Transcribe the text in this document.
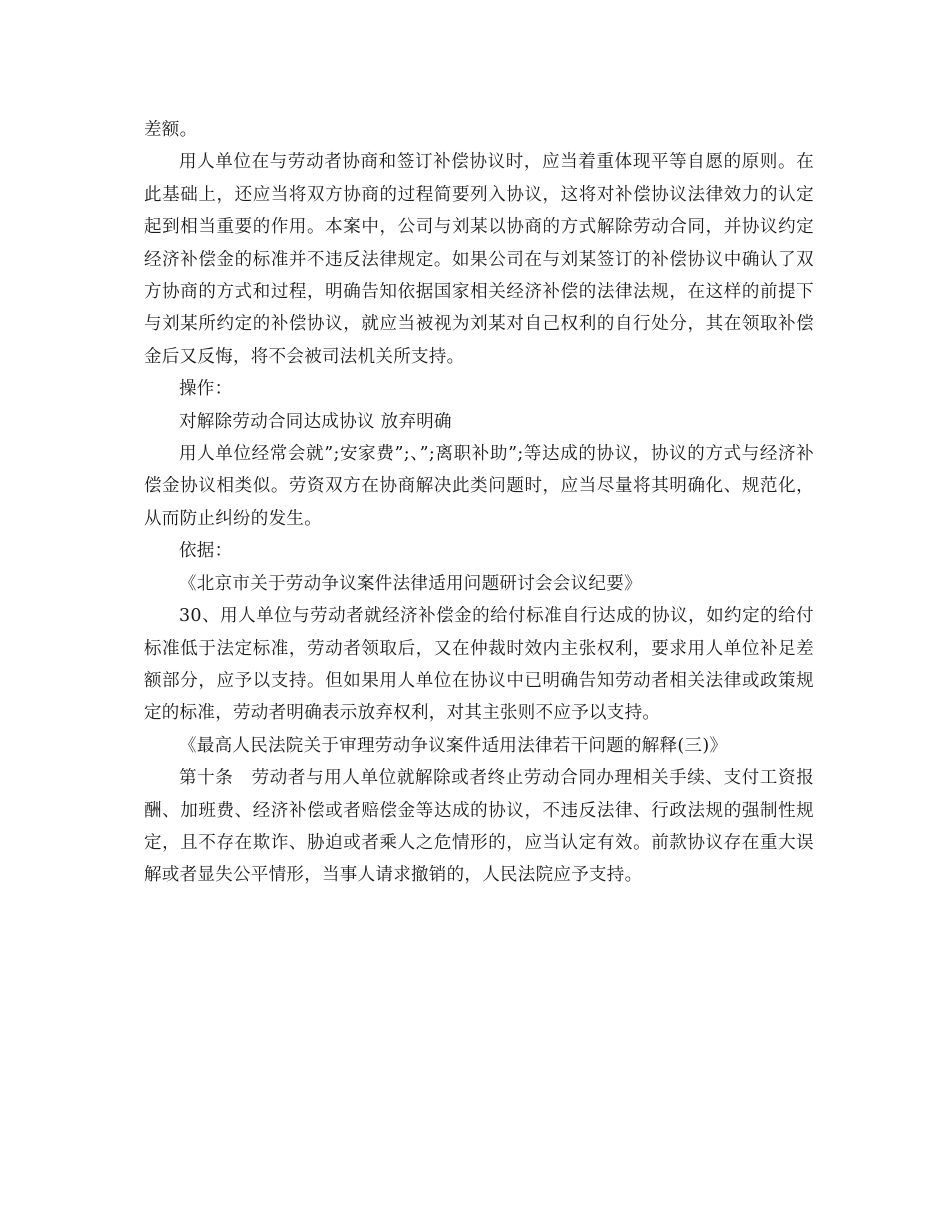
差额。

用人单位在与劳动者协商和签订补偿协议时，应当着重体现平等自愿的原则。在此基础上，还应当将双方协商的过程简要列入协议，这将对补偿协议法律效力的认定起到相当重要的作用。本案中，公司与刘某以协商的方式解除劳动合同，并协议约定经济补偿金的标准并不违反法律规定。如果公司在与刘某签订的补偿协议中确认了双方协商的方式和过程，明确告知依据国家相关经济补偿的法律法规，在这样的前提下与刘某所约定的补偿协议，就应当被视为刘某对自己权利的自行处分，其在领取补偿金后又反悔，将不会被司法机关所支持。

操作：

对解除劳动合同达成协议 放弃明确

用人单位经常会就”;安家费”;、”;离职补助”;等达成的协议，协议的方式与经济补偿金协议相类似。劳资双方在协商解决此类问题时，应当尽量将其明确化、规范化，从而防止纠纷的发生。

依据：

《北京市关于劳动争议案件法律适用问题研讨会会议纪要》

30、用人单位与劳动者就经济补偿金的给付标准自行达成的协议，如约定的给付标准低于法定标准，劳动者领取后，又在仲裁时效内主张权利，要求用人单位补足差额部分，应予以支持。但如果用人单位在协议中已明确告知劳动者相关法律或政策规定的标准，劳动者明确表示放弃权利，对其主张则不应予以支持。

《最高人民法院关于审理劳动争议案件适用法律若干问题的解释(三)》

第十条　劳动者与用人单位就解除或者终止劳动合同办理相关手续、支付工资报酬、加班费、经济补偿或者赔偿金等达成的协议，不违反法律、行政法规的强制性规定，且不存在欺诈、胁迫或者乘人之危情形的，应当认定有效。前款协议存在重大误解或者显失公平情形，当事人请求撤销的，人民法院应予支持。
